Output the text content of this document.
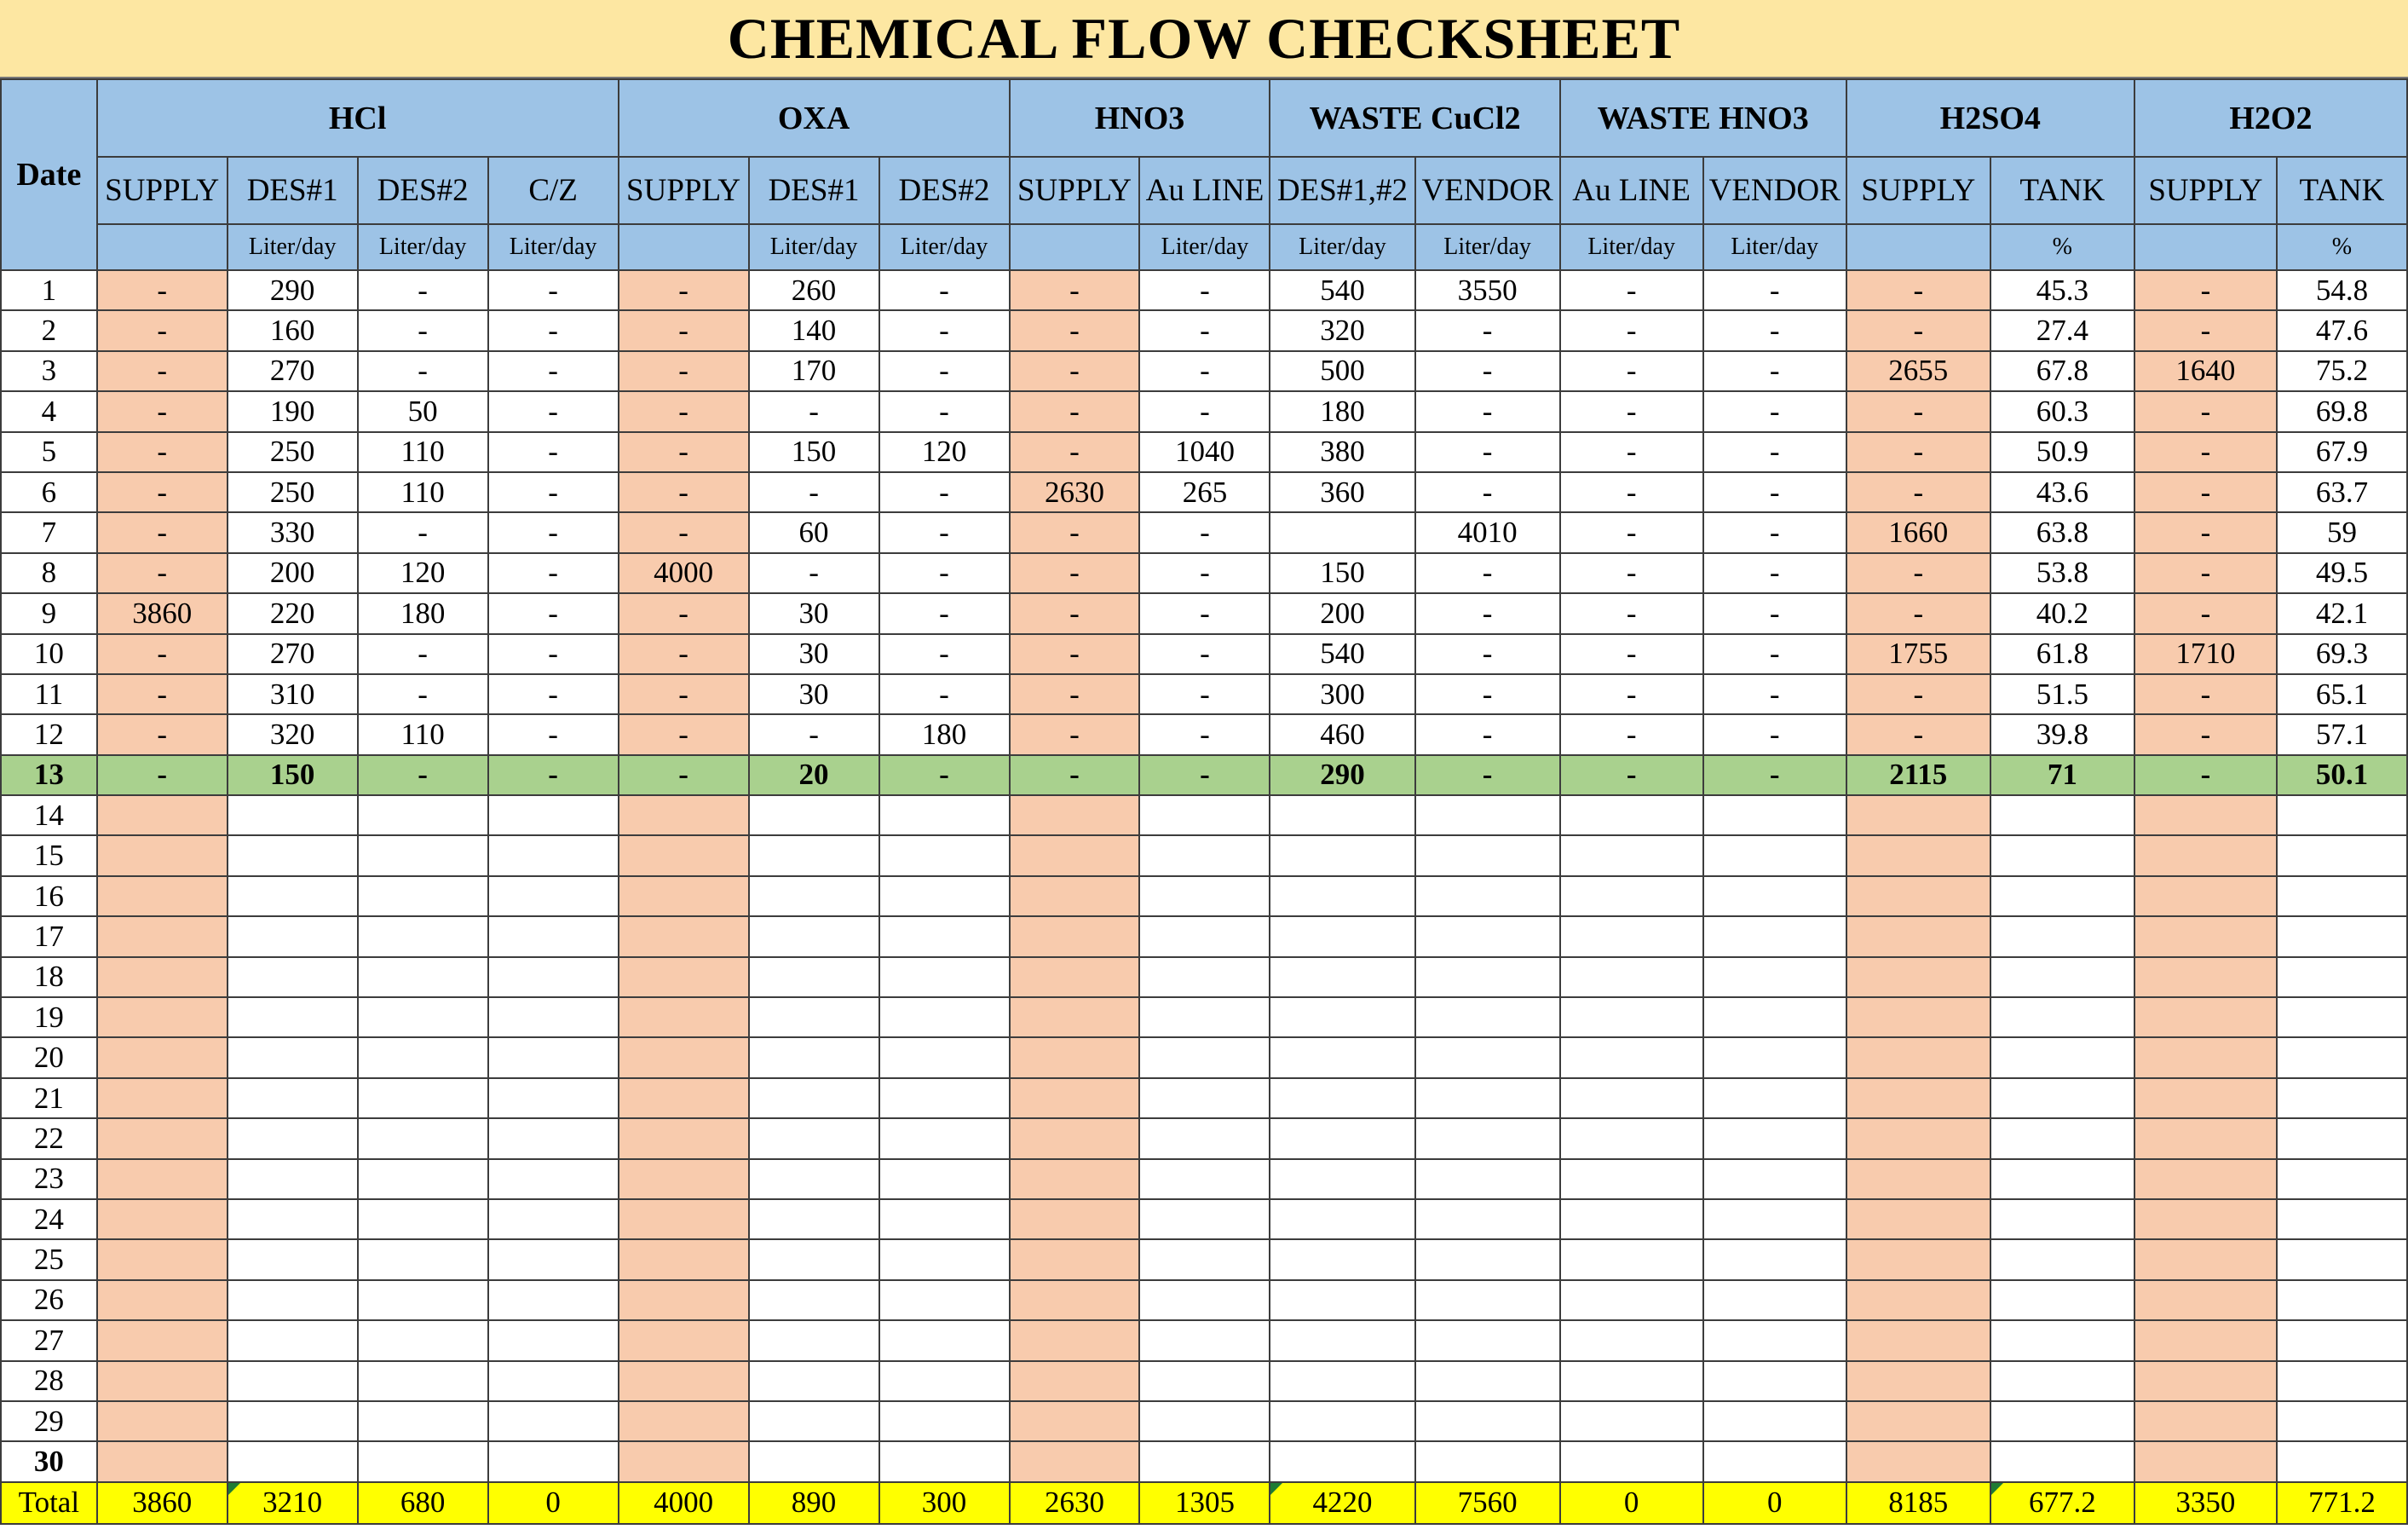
CHEMICAL FLOW CHECKSHEET
Date	HCl				OXA			HNO3		WASTE CuCl2		WASTE HNO3		H2SO4		H2O2	
	SUPPLY	DES#1	DES#2	C/Z	SUPPLY	DES#1	DES#2	SUPPLY	Au LINE	DES#1,#2	VENDOR	Au LINE	VENDOR	SUPPLY	TANK	SUPPLY	TANK
		Liter/day	Liter/day	Liter/day		Liter/day	Liter/day		Liter/day	Liter/day	Liter/day	Liter/day	Liter/day		%		%
1	-	290	-	-	-	260	-	-	-	540	3550	-	-	-	45.3	-	54.8
2	-	160	-	-	-	140	-	-	-	320	-	-	-	-	27.4	-	47.6
3	-	270	-	-	-	170	-	-	-	500	-	-	-	2655	67.8	1640	75.2
4	-	190	50	-	-	-	-	-	-	180	-	-	-	-	60.3	-	69.8
5	-	250	110	-	-	150	120	-	1040	380	-	-	-	-	50.9	-	67.9
6	-	250	110	-	-	-	-	2630	265	360	-	-	-	-	43.6	-	63.7
7	-	330	-	-	-	60	-	-	-		4010	-	-	1660	63.8	-	59
8	-	200	120	-	4000	-	-	-	-	150	-	-	-	-	53.8	-	49.5
9	3860	220	180	-	-	30	-	-	-	200	-	-	-	-	40.2	-	42.1
10	-	270	-	-	-	30	-	-	-	540	-	-	-	1755	61.8	1710	69.3
11	-	310	-	-	-	30	-	-	-	300	-	-	-	-	51.5	-	65.1
12	-	320	110	-	-	-	180	-	-	460	-	-	-	-	39.8	-	57.1
13	-	150	-	-	-	20	-	-	-	290	-	-	-	2115	71	-	50.1
14																	
15																	
16																	
17																	
18																	
19																	
20																	
21																	
22																	
23																	
24																	
25																	
26																	
27																	
28																	
29																	
30																	
Total	3860	3210	680	0	4000	890	300	2630	1305	4220	7560	0	0	8185	677.2	3350	771.2
